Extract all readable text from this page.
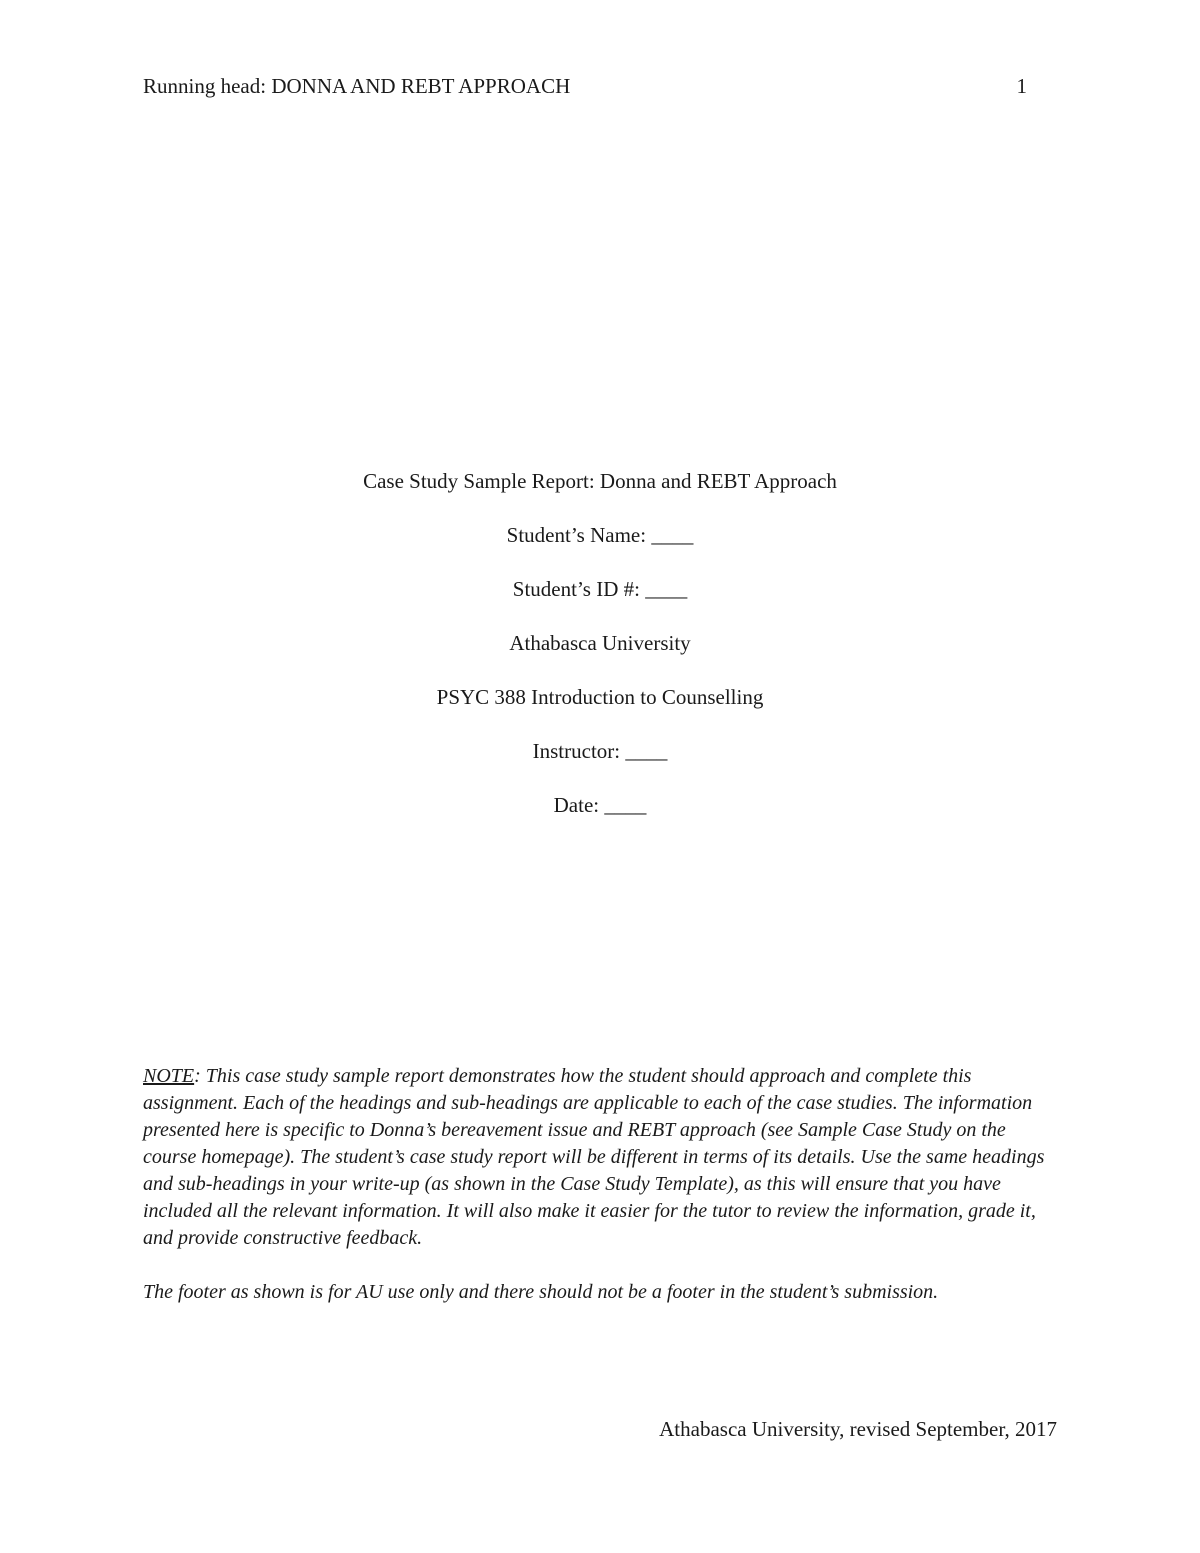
Running head: DONNA AND REBT APPROACH	1
Case Study Sample Report: Donna and REBT Approach
Student’s Name: ____
Student’s ID #: ____
Athabasca University
PSYC 388 Introduction to Counselling
Instructor: ____
Date: ____

NOTE: This case study sample report demonstrates how the student should approach and complete this assignment. Each of the headings and sub-headings are applicable to each of the case studies. The information presented here is specific to Donna’s bereavement issue and REBT approach (see Sample Case Study on the course homepage). The student’s case study report will be different in terms of its details. Use the same headings and sub-headings in your write-up (as shown in the Case Study Template), as this will ensure that you have included all the relevant information. It will also make it easier for the tutor to review the information, grade it, and provide constructive feedback.

The footer as shown is for AU use only and there should not be a footer in the student’s submission.

Athabasca University, revised September, 2017
